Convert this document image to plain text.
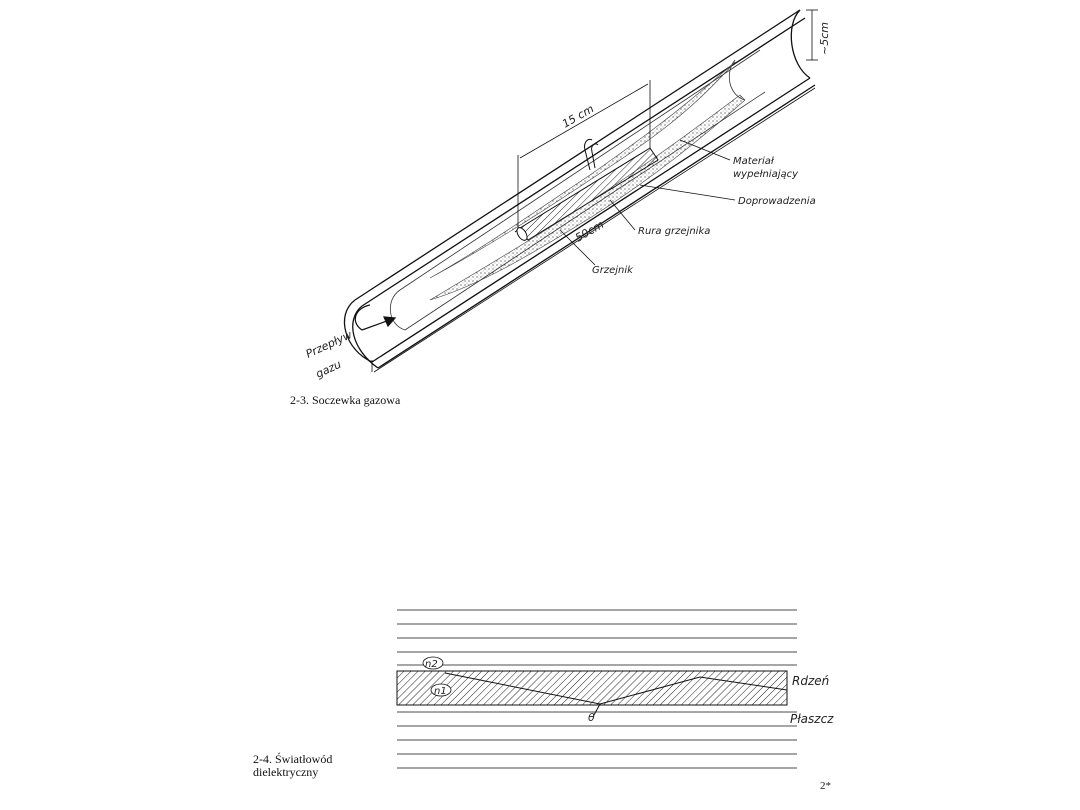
~5cm
15 cm
50cm
Materiał
wypełniający
Doprowadzenia
Rura grzejnika
Grzejnik
Przepływ
gazu
n2
n1
Rdzeń
Płaszcz
θ
2-3. Soczewka gazowa
2-4. Światłowód
dielektryczny
2*
